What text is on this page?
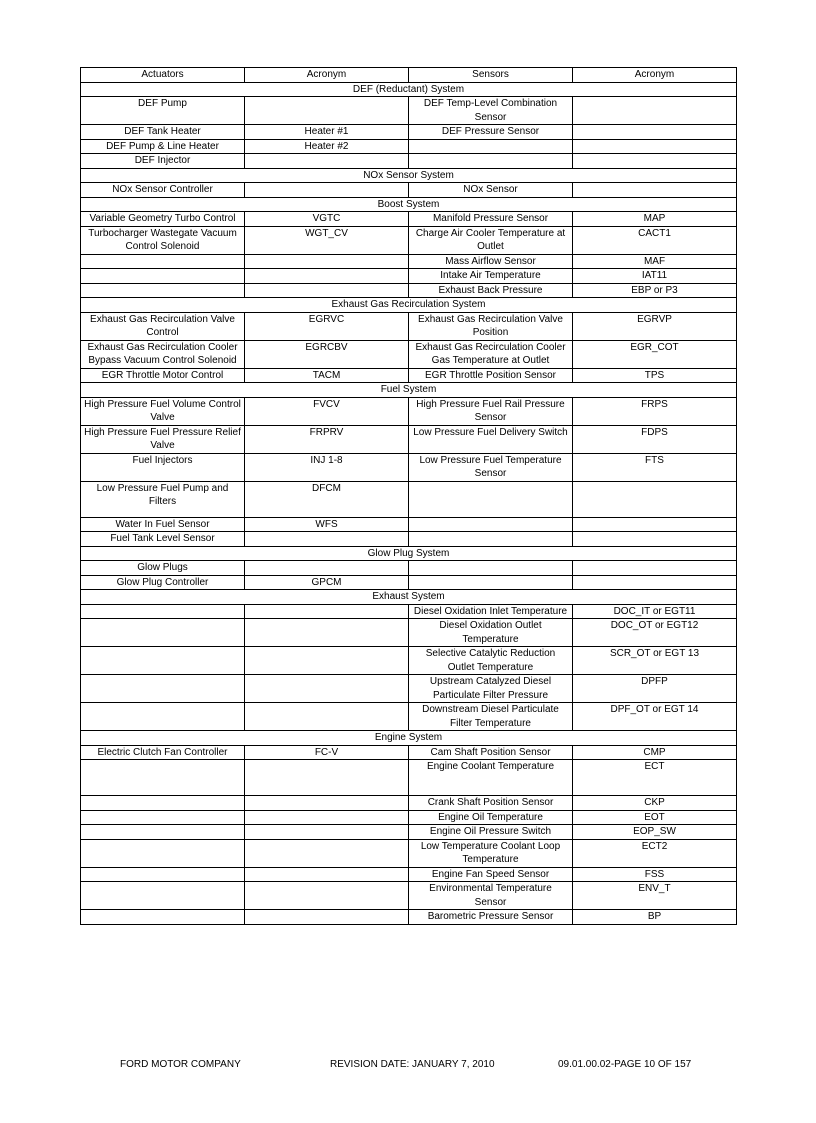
Actuators	Acronym	Sensors	Acronym
DEF (Reductant) System			
DEF Pump		DEF Temp-Level Combination Sensor	
DEF Tank Heater	Heater #1	DEF Pressure Sensor	
DEF Pump & Line Heater	Heater #2		
DEF Injector			
NOx Sensor System			
NOx Sensor Controller		NOx Sensor	
Boost System			
Variable Geometry Turbo Control	VGTC	Manifold Pressure Sensor	MAP
Turbocharger Wastegate Vacuum Control Solenoid	WGT_CV	Charge Air Cooler Temperature at Outlet	CACT1
		Mass Airflow Sensor	MAF
		Intake Air Temperature	IAT11
		Exhaust Back Pressure	EBP or P3
Exhaust Gas Recirculation System			
Exhaust Gas Recirculation Valve Control	EGRVC	Exhaust Gas Recirculation Valve Position	EGRVP
Exhaust Gas Recirculation Cooler Bypass Vacuum Control Solenoid	EGRCBV	Exhaust Gas Recirculation Cooler Gas Temperature at Outlet	EGR_COT
EGR Throttle Motor Control	TACM	EGR Throttle Position Sensor	TPS
Fuel System			
High Pressure Fuel Volume Control Valve	FVCV	High Pressure Fuel Rail Pressure Sensor	FRPS
High Pressure Fuel Pressure Relief Valve	FRPRV	Low Pressure Fuel Delivery Switch	FDPS
Fuel Injectors	INJ 1-8	Low Pressure Fuel Temperature Sensor	FTS
Low Pressure Fuel Pump and Filters	DFCM		
Water In Fuel Sensor	WFS		
Fuel Tank Level Sensor			
Glow Plug System			
Glow Plugs			
Glow Plug Controller	GPCM		
Exhaust System			
		Diesel Oxidation Inlet Temperature	DOC_IT or EGT11
		Diesel Oxidation Outlet Temperature	DOC_OT or EGT12
		Selective Catalytic Reduction Outlet Temperature	SCR_OT or EGT 13
		Upstream Catalyzed Diesel Particulate Filter Pressure	DPFP
		Downstream Diesel Particulate Filter Temperature	DPF_OT or EGT 14
Engine System			
Electric Clutch Fan Controller	FC-V	Cam Shaft Position Sensor	CMP
		Engine Coolant Temperature	ECT
		Crank Shaft Position Sensor	CKP
		Engine Oil Temperature	EOT
		Engine Oil Pressure Switch	EOP_SW
		Low Temperature Coolant Loop Temperature	ECT2
		Engine Fan Speed Sensor	FSS
		Environmental Temperature Sensor	ENV_T
		Barometric Pressure Sensor	BP
FORD MOTOR COMPANY	REVISION DATE: JANUARY 7, 2010	09.01.00.02-PAGE 10 OF 157
